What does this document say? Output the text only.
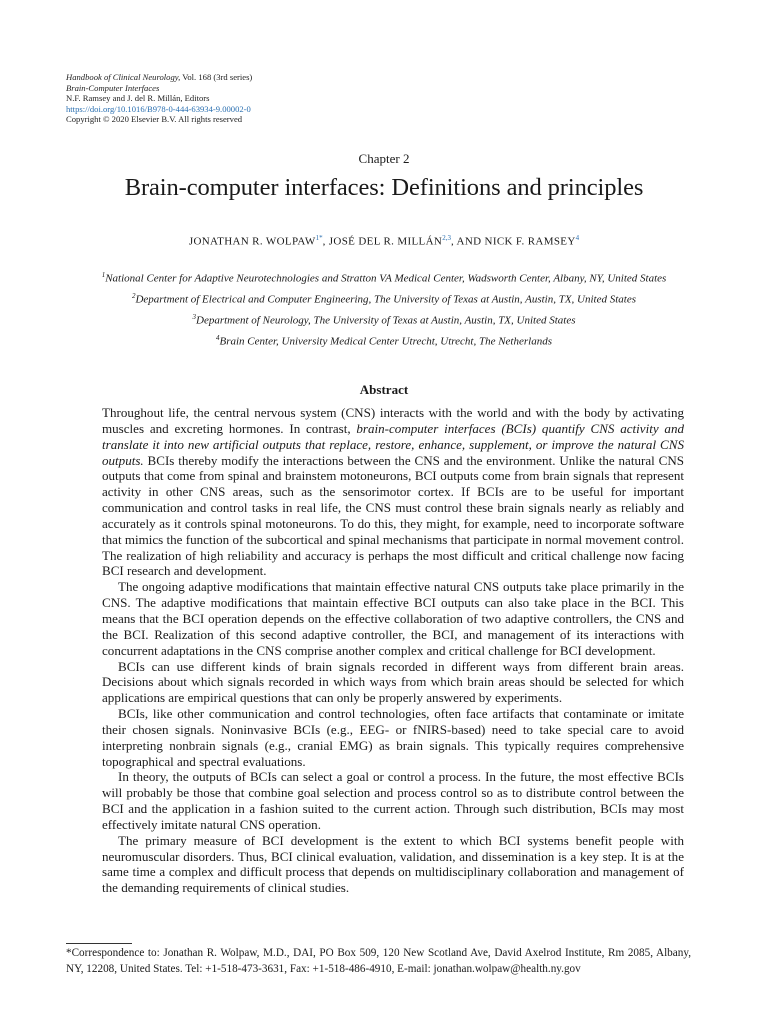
Handbook of Clinical Neurology, Vol. 168 (3rd series)
Brain-Computer Interfaces
N.F. Ramsey and J. del R. Millán, Editors
https://doi.org/10.1016/B978-0-444-63934-9.00002-0
Copyright © 2020 Elsevier B.V. All rights reserved
Chapter 2
Brain-computer interfaces: Definitions and principles
JONATHAN R. $WOLPAW^{1*}$, JOSÉ DEL R. MILLÁN$^{2,3}$, AND NICK F. RAMSEY$^4$
$^1$National Center for Adaptive Neurotechnologies and Stratton VA Medical Center, Wadsworth Center, Albany, NY, United States
$^2$Department of Electrical and Computer Engineering, The University of Texas at Austin, Austin, TX, United States
$^3$Department of Neurology, The University of Texas at Austin, Austin, TX, United States
$^4$Brain Center, University Medical Center Utrecht, Utrecht, The Netherlands
Abstract

Throughout life, the central nervous system (CNS) interacts with the world and with the body by activating muscles and excreting hormones. In contrast, brain-computer interfaces (BCIs) quantify CNS activity and translate it into new artificial outputs that replace, restore, enhance, supplement, or improve the natural CNS outputs. BCIs thereby modify the interactions between the CNS and the environment. Unlike the natural CNS outputs that come from spinal and brainstem motoneurons, BCI outputs come from brain signals that represent activity in other CNS areas, such as the sensorimotor cortex. If BCIs are to be useful for important communication and control tasks in real life, the CNS must control these brain signals nearly as reliably and accurately as it controls spinal motoneurons. To do this, they might, for example, need to incorporate software that mimics the function of the subcortical and spinal mechanisms that participate in normal movement control. The realization of high reliability and accuracy is perhaps the most difficult and critical challenge now facing BCI research and development.

The ongoing adaptive modifications that maintain effective natural CNS outputs take place primarily in the CNS. The adaptive modifications that maintain effective BCI outputs can also take place in the BCI. This means that the BCI operation depends on the effective collaboration of two adaptive controllers, the CNS and the BCI. Realization of this second adaptive controller, the BCI, and management of its interactions with concurrent adaptations in the CNS comprise another complex and critical challenge for BCI development.

BCIs can use different kinds of brain signals recorded in different ways from different brain areas. Decisions about which signals recorded in which ways from which brain areas should be selected for which applications are empirical questions that can only be properly answered by experiments.

BCIs, like other communication and control technologies, often face artifacts that contaminate or imitate their chosen signals. Noninvasive BCIs (e.g., EEG- or fNIRS-based) need to take special care to avoid interpreting nonbrain signals (e.g., cranial EMG) as brain signals. This typically requires comprehensive topographical and spectral evaluations.

In theory, the outputs of BCIs can select a goal or control a process. In the future, the most effective BCIs will probably be those that combine goal selection and process control so as to distribute control between the BCI and the application in a fashion suited to the current action. Through such distribution, BCIs may most effectively imitate natural CNS operation.

The primary measure of BCI development is the extent to which BCI systems benefit people with neuromuscular disorders. Thus, BCI clinical evaluation, validation, and dissemination is a key step. It is at the same time a complex and difficult process that depends on multidisciplinary collaboration and management of the demanding requirements of clinical studies.

*Correspondence to: Jonathan R. Wolpaw, M.D., DAI, PO Box 509, 120 New Scotland Ave, David Axelrod Institute, Rm 2085, Albany, NY, 12208, United States. Tel: +1-518-473-3631, Fax: +1-518-486-4910, E-mail: jonathan.wolpaw@health.ny.gov
